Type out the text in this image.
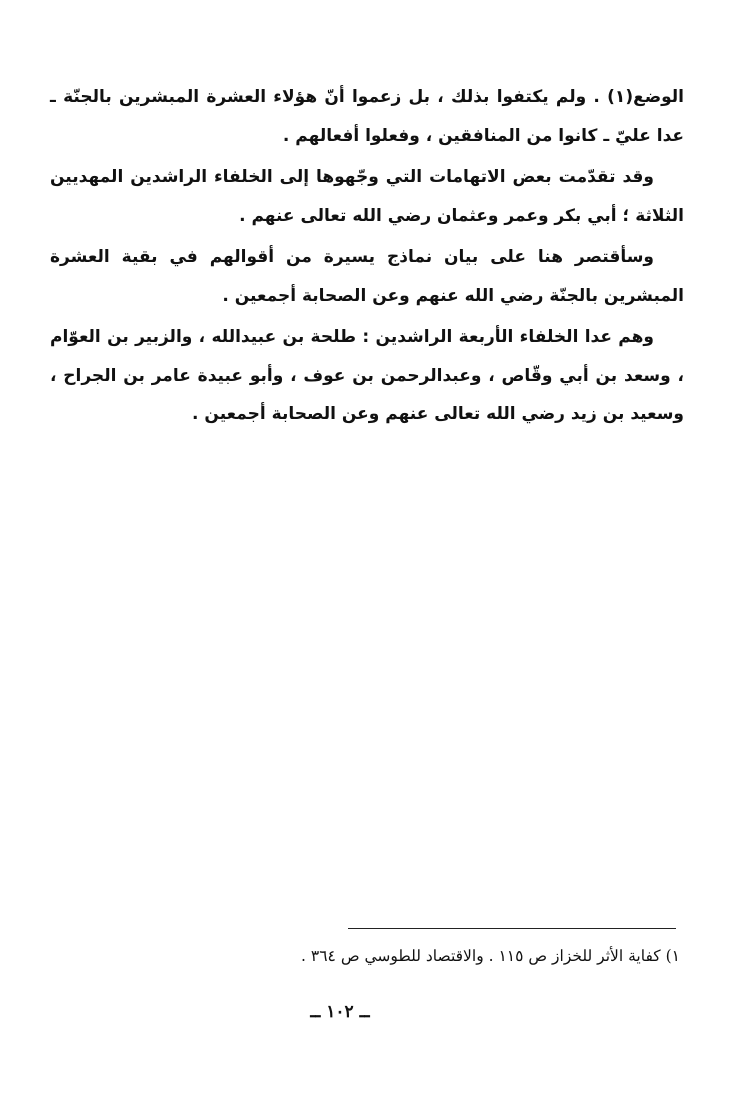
الوضع(١) . ولم يكتفوا بذلك ، بل زعموا أنّ هؤلاء العشرة المبشرين بالجنّة ـ عدا عليّ ـ كانوا من المنافقين ، وفعلوا أفعالهم .

وقد تقدّمت بعض الاتهامات التي وجّهوها إلى الخلفاء الراشدين المهديين الثلاثة ؛ أبي بكر وعمر وعثمان رضي الله تعالى عنهم .

وسأقتصر هنا على بيان نماذج يسيرة من أقوالهم في بقية العشرة المبشرين بالجنّة رضي الله عنهم وعن الصحابة أجمعين .

وهم عدا الخلفاء الأربعة الراشدين : طلحة بن عبيدالله ، والزبير بن العوّام ، وسعد بن أبي وقّاص ، وعبدالرحمن بن عوف ، وأبو عبيدة عامر بن الجراح ، وسعيد بن زيد رضي الله تعالى عنهم وعن الصحابة أجمعين .

١) كفاية الأثر للخزاز ص ١١٥ . والاقتصاد للطوسي ص ٣٦٤ .
ــ ١٠٢ ــ
